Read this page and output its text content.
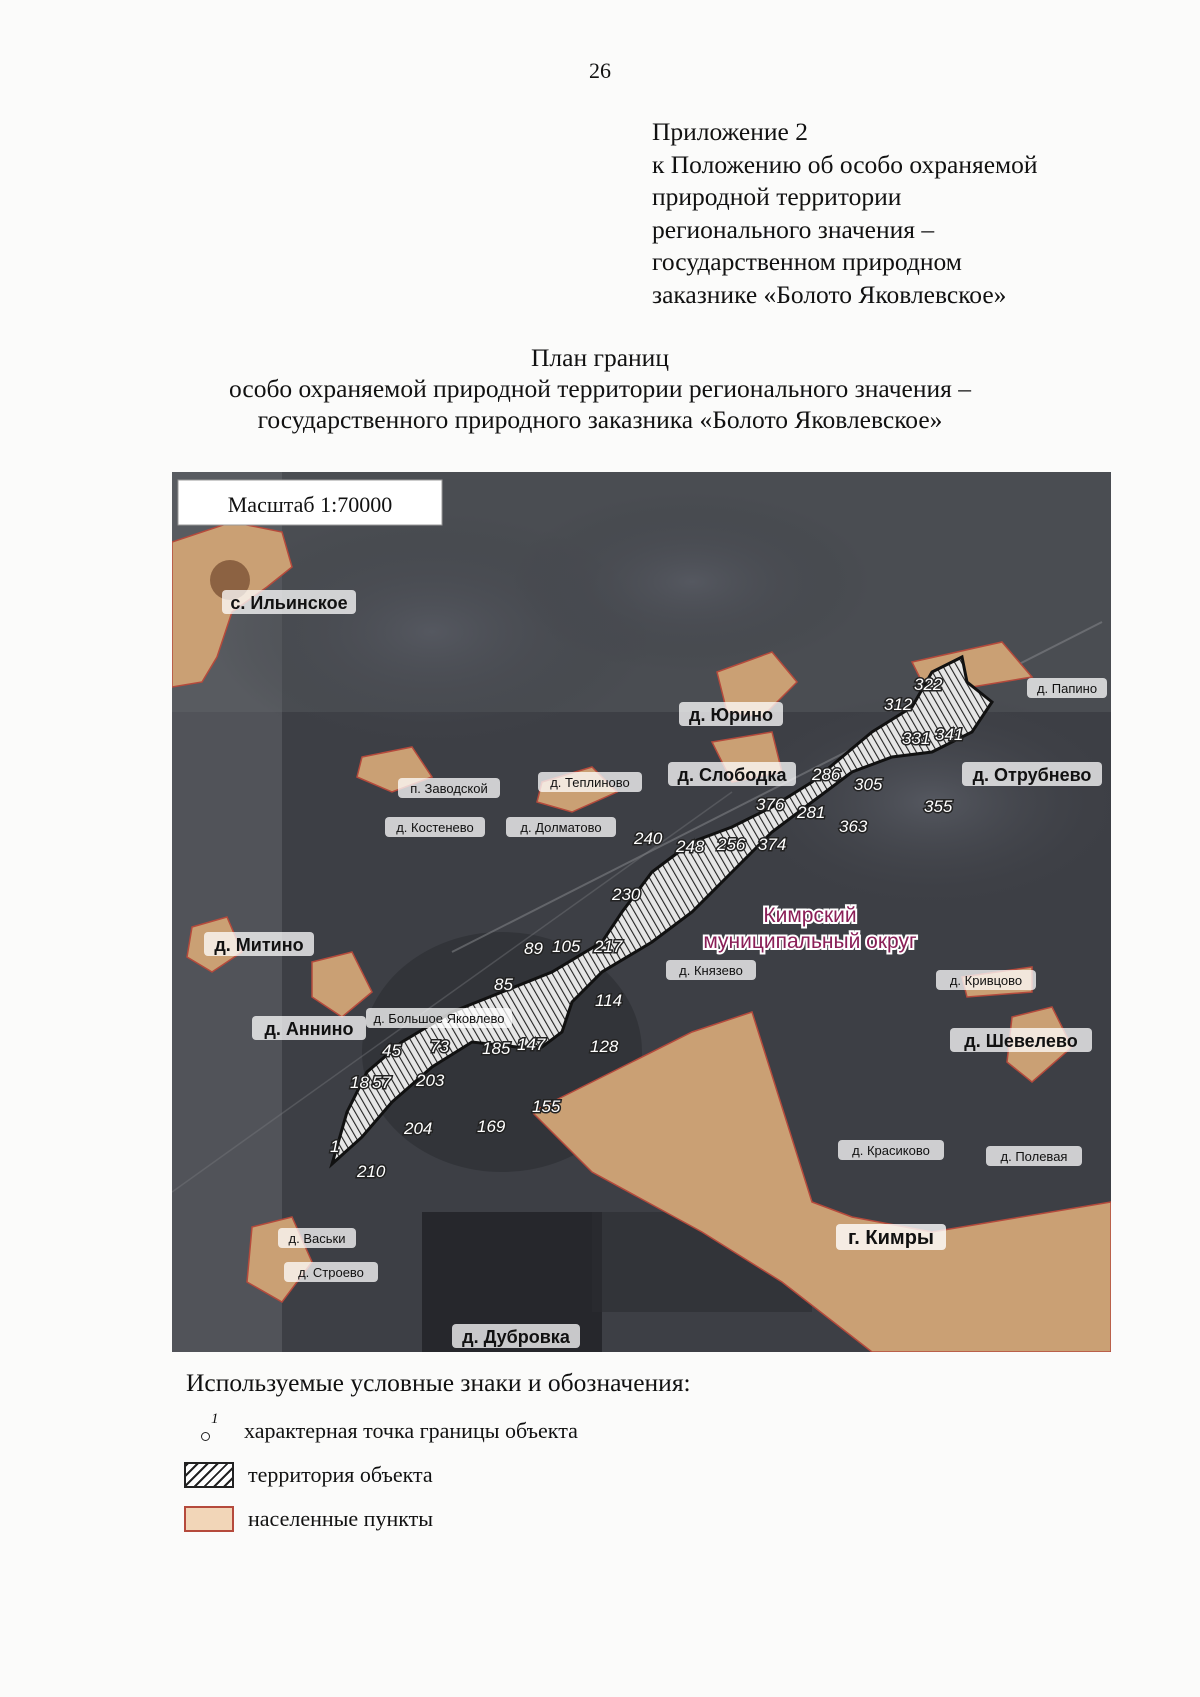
26
Приложение 2
к Положению об особо охраняемой
природной территории
регионального значения –
государственном природном
заказнике «Болото Яковлевское»
План границ
особо охраняемой природной территории регионального значения –
государственного природного заказника «Болото Яковлевское»
Масштаб 1:70000
322
312
331 341
286
305
376 281	355
363
240 248 256 374
230
89 105 217
85
114
45 73 185 147	128
18 57 203
155
169
204
1
210
с. Ильинское
д. Юрино
д. Папино
п. Заводской	д. Теплиново	д. Слободка	д. Отрубнево
д. Костенево	д. Долматово
д. Митино
д. Князево
д. Кривцово
д. Аннино
д. Большое Яковлево
д. Шевелево
д. Красиково	д. Полевая
д. Васьки	г. Кимры
д. Строево
д. Дубровка
Кимрский
муниципальный округ
Используемые условные знаки и обозначения:
1 характерная точка границы объекта
территория объекта
населенные пункты
